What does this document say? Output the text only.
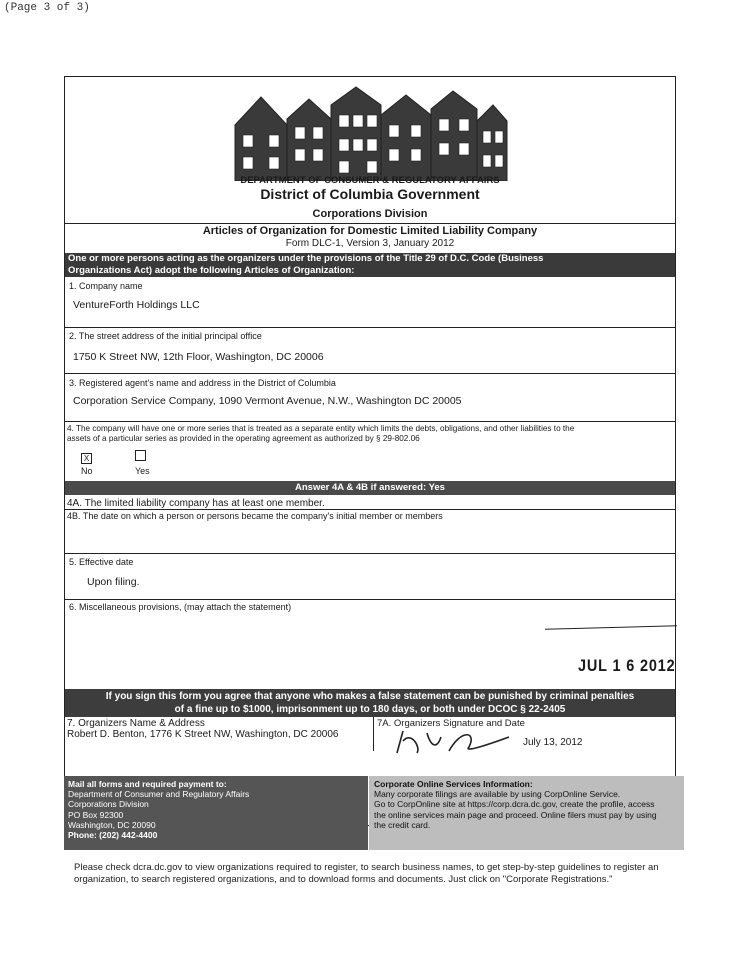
(Page 3 of 3)
DEPARTMENT OF CONSUMER & REGULATORY AFFAIRS
District of Columbia Government
Corporations Division
Articles of Organization for Domestic Limited Liability Company
Form DLC-1, Version 3, January 2012
One or more persons acting as the organizers under the provisions of the Title 29 of D.C. Code (Business
Organizations Act) adopt the following Articles of Organization:
1. Company name
VentureForth Holdings LLC
2. The street address of the initial principal office
1750 K Street NW, 12th Floor, Washington, DC 20006
3. Registered agent's name and address in the District of Columbia
Corporation Service Company, 1090 Vermont Avenue, N.W., Washington DC 20005
4. The company will have one or more series that is treated as a separate entity which limits the debts, obligations, and other liabilities to the
assets of a particular series as provided in the operating agreement as authorized by § 29-802.06
X
No	Yes
Answer 4A & 4B if answered: Yes
4A. The limited liability company has at least one member.
4B. The date on which a person or persons became the company's initial member or members
5. Effective date
Upon filing.
6. Miscellaneous provisions, (may attach the statement)
If you sign this form you agree that anyone who makes a false statement can be punished by criminal penalties
of a fine up to $1000, imprisonment up to 180 days, or both under DCOC § 22-2405
7. Organizers Name & Address
Robert D. Benton, 1776 K Street NW, Washington, DC 20006
7A. Organizers Signature and Date
July 13, 2012
JUL 1 6 2012
Mail all forms and required payment to:
Department of Consumer and Regulatory Affairs
Corporations Division
PO Box 92300
Washington, DC 20090
Phone: (202) 442-4400
Corporate Online Services Information:
Many corporate filings are available by using CorpOnline Service.
Go to CorpOnline site at https://corp.dcra.dc.gov, create the profile, access
the online services main page and proceed. Online filers must pay by using
the credit card.
Please check dcra.dc.gov to view organizations required to register, to search business names, to get step-by-step guidelines to register an
organization, to search registered organizations, and to download forms and documents. Just click on "Corporate Registrations."
